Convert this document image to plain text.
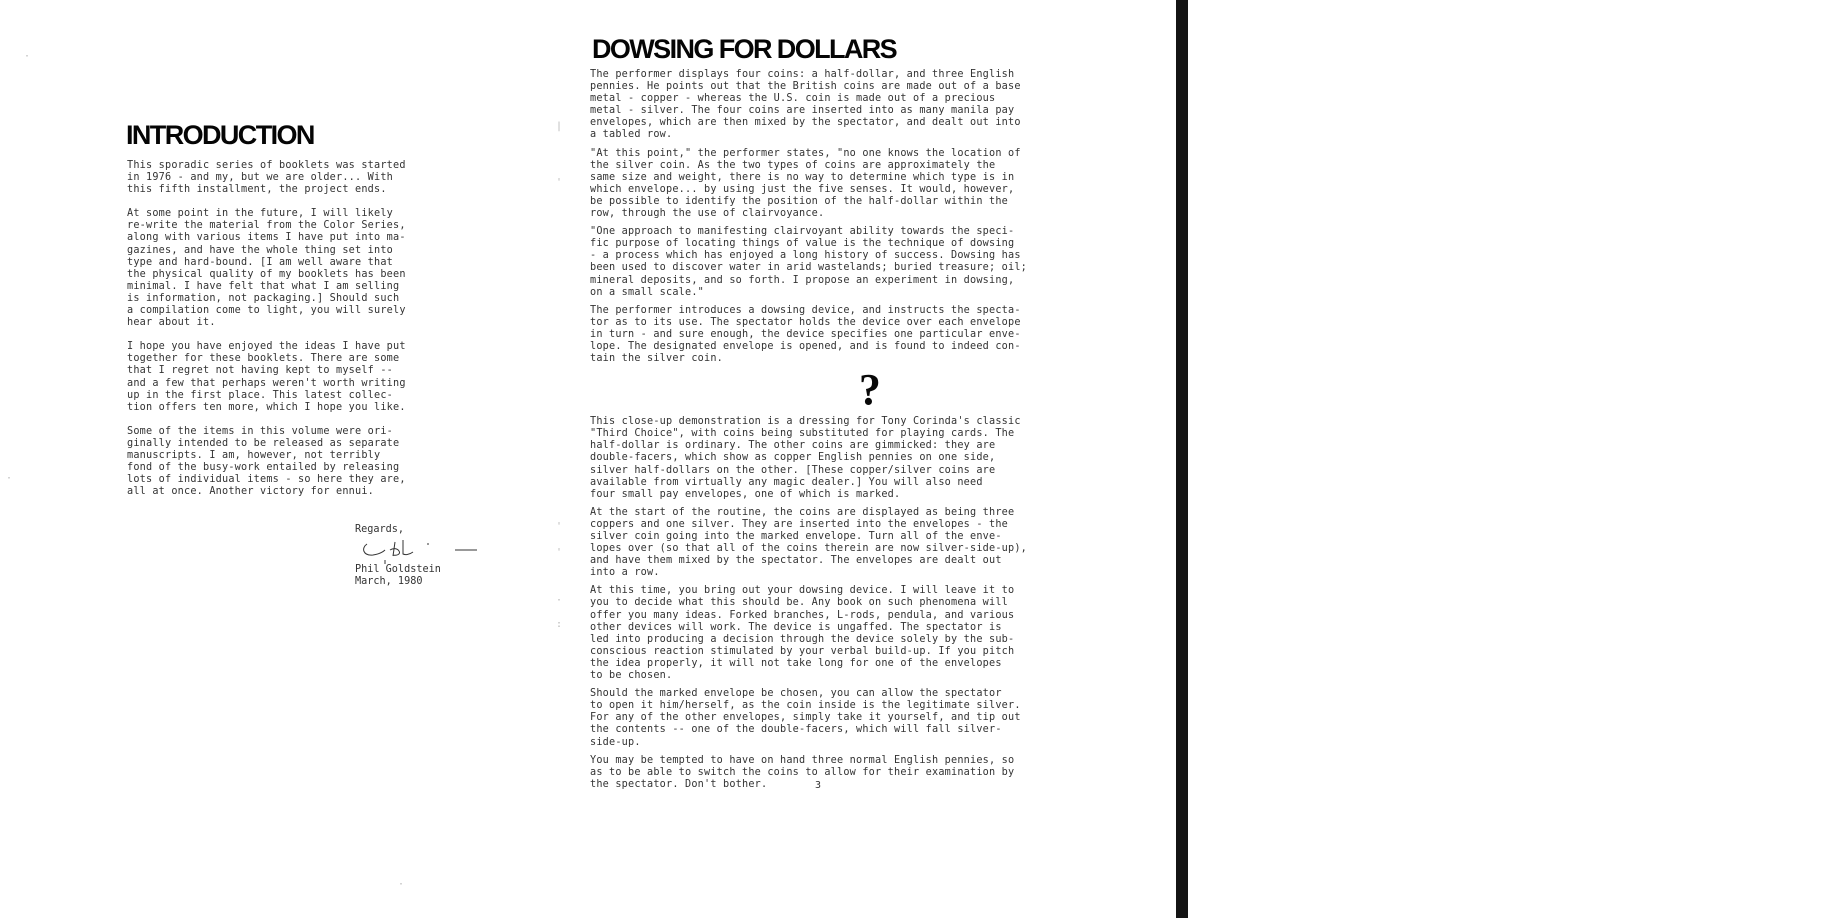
|
'
'
'
·
:
·
·
·
INTRODUCTION

This sporadic series of booklets was started
in 1976 - and my, but we are older... With
this fifth installment, the project ends.

At some point in the future, I will likely
re-write the material from the Color Series,
along with various items I have put into ma-
gazines, and have the whole thing set into
type and hard-bound. [I am well aware that
the physical quality of my booklets has been
minimal. I have felt that what I am selling
is information, not packaging.] Should such
a compilation come to light, you will surely
hear about it.

I hope you have enjoyed the ideas I have put
together for these booklets. There are some
that I regret not having kept to myself --
and a few that perhaps weren't worth writing
up in the first place. This latest collec-
tion offers ten more, which I hope you like.

Some of the items in this volume were ori-
ginally intended to be released as separate
manuscripts. I am, however, not terribly
fond of the busy-work entailed by releasing
lots of individual items - so here they are,
all at once. Another victory for ennui.

Regards,
Phil Goldstein
March, 1980
DOWSING FOR DOLLARS

The performer displays four coins: a half-dollar, and three English
pennies. He points out that the British coins are made out of a base
metal - copper - whereas the U.S. coin is made out of a precious
metal - silver. The four coins are inserted into as many manila pay
envelopes, which are then mixed by the spectator, and dealt out into
a tabled row.

"At this point," the performer states, "no one knows the location of
the silver coin. As the two types of coins are approximately the
same size and weight, there is no way to determine which type is in
which envelope... by using just the five senses. It would, however,
be possible to identify the position of the half-dollar within the
row, through the use of clairvoyance.

"One approach to manifesting clairvoyant ability towards the speci-
fic purpose of locating things of value is the technique of dowsing
- a process which has enjoyed a long history of success. Dowsing has
been used to discover water in arid wastelands; buried treasure; oil;
mineral deposits, and so forth. I propose an experiment in dowsing,
on a small scale."

The performer introduces a dowsing device, and instructs the specta-
tor as to its use. The spectator holds the device over each envelope
in turn - and sure enough, the device specifies one particular enve-
lope. The designated envelope is opened, and is found to indeed con-
tain the silver coin.

?

This close-up demonstration is a dressing for Tony Corinda's classic
"Third Choice", with coins being substituted for playing cards. The
half-dollar is ordinary. The other coins are gimmicked: they are
double-facers, which show as copper English pennies on one side,
silver half-dollars on the other. [These copper/silver coins are
available from virtually any magic dealer.] You will also need
four small pay envelopes, one of which is marked.

At the start of the routine, the coins are displayed as being three
coppers and one silver. They are inserted into the envelopes - the
silver coin going into the marked envelope. Turn all of the enve-
lopes over (so that all of the coins therein are now silver-side-up),
and have them mixed by the spectator. The envelopes are dealt out
into a row.

At this time, you bring out your dowsing device. I will leave it to
you to decide what this should be. Any book on such phenomena will
offer you many ideas. Forked branches, L-rods, pendula, and various
other devices will work. The device is ungaffed. The spectator is
led into producing a decision through the device solely by the sub-
conscious reaction stimulated by your verbal build-up. If you pitch
the idea properly, it will not take long for one of the envelopes
to be chosen.

Should the marked envelope be chosen, you can allow the spectator
to open it him/herself, as the coin inside is the legitimate silver.
For any of the other envelopes, simply take it yourself, and tip out
the contents -- one of the double-facers, which will fall silver-
side-up.

You may be tempted to have on hand three normal English pennies, so
as to be able to switch the coins to allow for their examination by
the spectator. Don't bother.	3
